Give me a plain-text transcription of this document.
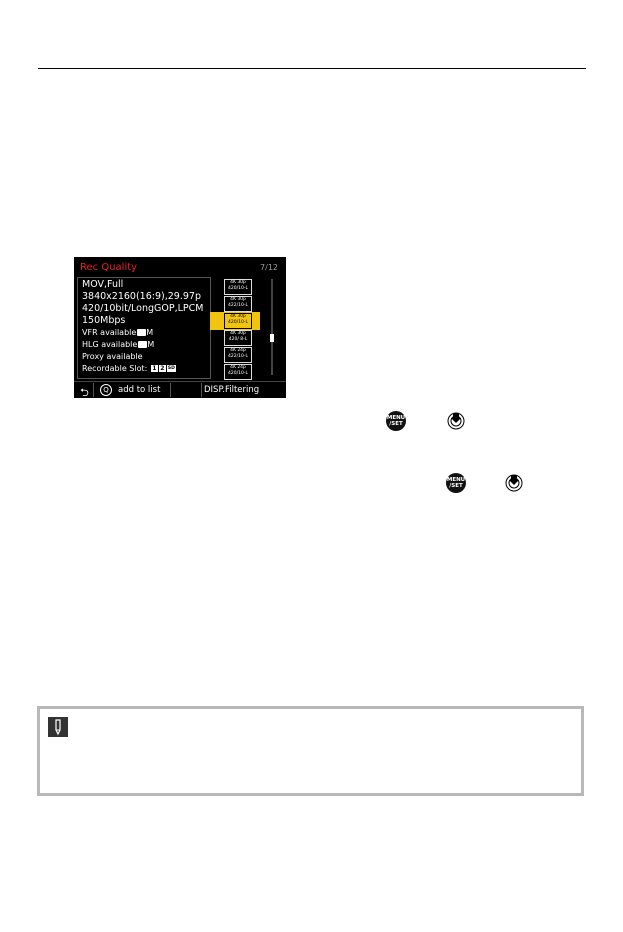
Rec Quality	7/12
MOV,Full
3840x2160(16:9),29.97p
420/10bit/LongGOP,LPCM
150Mbps
VFR available M
HLG available M
Proxy available
Recordable Slot: 1 2 SD
4K 30p
420/10-L
4K 30p
422/10-L
4K 30p
420/10-L
4K 30p
420/ 8-L
4K 24p
422/10-L
4K 24p
420/10-L
⮌	Q	add to list	DISP.Filtering
MENU
/SET
MENU
/SET
